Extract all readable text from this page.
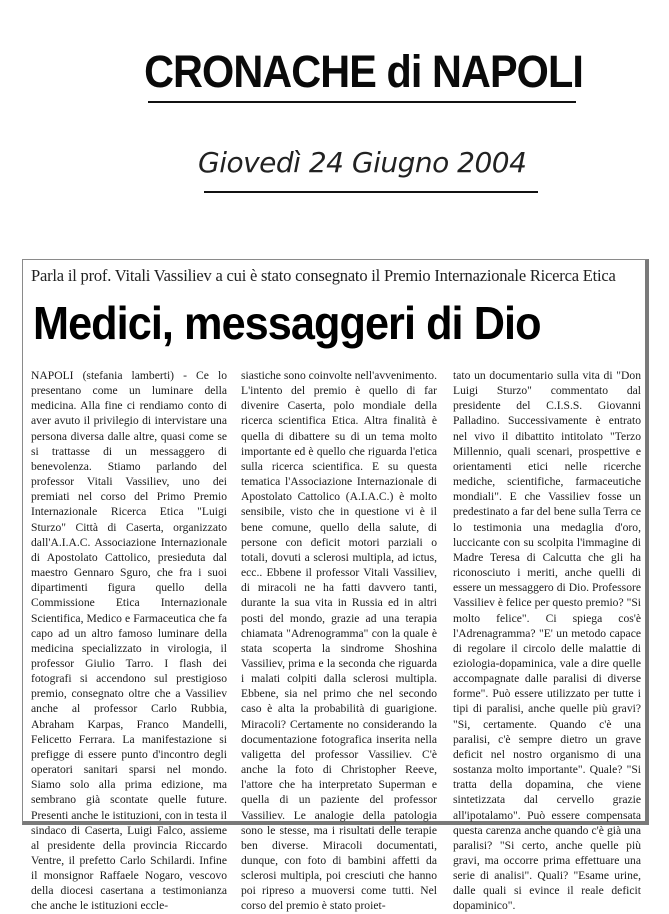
CRONACHE di NAPOLI
Giovedì 24 Giugno 2004
Parla il prof. Vitali Vassiliev a cui è stato consegnato il Premio Internazionale Ricerca Etica
Medici, messaggeri di Dio

NAPOLI (stefania lamberti) - Ce lo presentano come un luminare della medicina. Alla fine ci rendiamo conto di aver avuto il privilegio di intervistare una persona diversa dalle altre, quasi come se si trattasse di un messaggero di benevolenza. Stiamo parlando del professor Vitali Vassiliev, uno dei premiati nel corso del Primo Premio Internazionale Ricerca Etica "Luigi Sturzo" Città di Caserta, organizzato dall'A.I.A.C. Associazione Internazionale di Apostolato Cattolico, presieduta dal maestro Gennaro Sguro, che fra i suoi dipartimenti figura quello della Commissione Etica Internazionale Scientifica, Medico e Farmaceutica che fa capo ad un altro famoso luminare della medicina specializzato in virologia, il professor Giulio Tarro. I flash dei fotografi si accendono sul prestigioso premio, consegnato oltre che a Vassiliev anche al professor Carlo Rubbia, Abraham Karpas, Franco Mandelli, Felicetto Ferrara. La manifestazione si prefigge di essere punto d'incontro degli operatori sanitari sparsi nel mondo. Siamo solo alla prima edizione, ma sembrano già scontate quelle future. Presenti anche le istituzioni, con in testa il sindaco di Caserta, Luigi Falco, assieme al presidente della provincia Riccardo Ventre, il prefetto Carlo Schilardi. Infine il monsignor Raffaele Nogaro, vescovo della diocesi casertana a testimonianza che anche le istituzioni eccle-

siastiche sono coinvolte nell'avvenimento. L'intento del premio è quello di far divenire Caserta, polo mondiale della ricerca scientifica Etica. Altra finalità è quella di dibattere su di un tema molto importante ed è quello che riguarda l'etica sulla ricerca scientifica. E su questa tematica l'Associazione Internazionale di Apostolato Cattolico (A.I.A.C.) è molto sensibile, visto che in questione vi è il bene comune, quello della salute, di persone con deficit motori parziali o totali, dovuti a sclerosi multipla, ad ictus, ecc.. Ebbene il professor Vitali Vassiliev, di miracoli ne ha fatti davvero tanti, durante la sua vita in Russia ed in altri posti del mondo, grazie ad una terapia chiamata "Adrenogramma" con la quale è stata scoperta la sindrome Shoshina Vassiliev, prima e la seconda che riguarda i malati colpiti dalla sclerosi multipla. Ebbene, sia nel primo che nel secondo caso è alta la probabilità di guarigione. Miracoli? Certamente no considerando la documentazione fotografica inserita nella valigetta del professor Vassiliev. C'è anche la foto di Christopher Reeve, l'attore che ha interpretato Superman e quella di un paziente del professor Vassiliev. Le analogie della patologia sono le stesse, ma i risultati delle terapie ben diverse. Miracoli documentati, dunque, con foto di bambini affetti da sclerosi multipla, poi cresciuti che hanno poi ripreso a muoversi come tutti. Nel corso del premio è stato proiet-

tato un documentario sulla vita di "Don Luigi Sturzo" commentato dal presidente del C.I.S.S. Giovanni Palladino. Successivamente è entrato nel vivo il dibattito intitolato "Terzo Millennio, quali scenari, prospettive e orientamenti etici nelle ricerche mediche, scientifiche, farmaceutiche mondiali". E che Vassiliev fosse un predestinato a far del bene sulla Terra ce lo testimonia una medaglia d'oro, luccicante con su scolpita l'immagine di Madre Teresa di Calcutta che gli ha riconosciuto i meriti, anche quelli di essere un messaggero di Dio. Professore Vassiliev è felice per questo premio? "Si molto felice". Ci spiega cos'è l'Adrenagramma? "E' un metodo capace di regolare il circolo delle malattie di eziologia-dopaminica, vale a dire quelle accompagnate dalle paralisi di diverse forme". Può essere utilizzato per tutte i tipi di paralisi, anche quelle più gravi? "Si, certamente. Quando c'è una paralisi, c'è sempre dietro un grave deficit nel nostro organismo di una sostanza molto importante". Quale? "Si tratta della dopamina, che viene sintetizzata dal cervello grazie all'ipotalamo". Può essere compensata questa carenza anche quando c'è già una paralisi? "Si certo, anche quelle più gravi, ma occorre prima effettuare una serie di analisi". Quali? "Esame urine, dalle quali si evince il reale deficit dopaminico".
